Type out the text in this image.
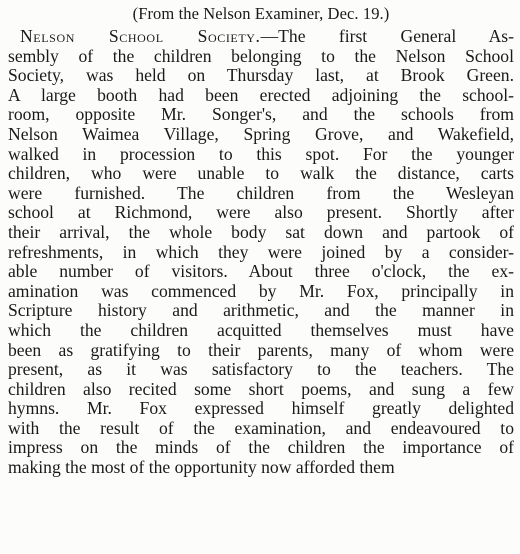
(From the Nelson Examiner, Dec. 19.)
Nelson School Society.—The first General As-
sembly of the children belonging to the Nelson School
Society, was held on Thursday last, at Brook Green.
A large booth had been erected adjoining the school-
room, opposite Mr. Songer's, and the schools from
Nelson Waimea Village, Spring Grove, and Wakefield,
walked in procession to this spot. For the younger
children, who were unable to walk the distance, carts
were furnished. The children from the Wesleyan
school at Richmond, were also present. Shortly after
their arrival, the whole body sat down and partook of
refreshments, in which they were joined by a consider-
able number of visitors. About three o'clock, the ex-
amination was commenced by Mr. Fox, principally in
Scripture history and arithmetic, and the manner in
which the children acquitted themselves must have
been as gratifying to their parents, many of whom were
present, as it was satisfactory to the teachers. The
children also recited some short poems, and sung a few
hymns. Mr. Fox expressed himself greatly delighted
with the result of the examination, and endeavoured to
impress on the minds of the children the importance of
making the most of the opportunity now afforded them
